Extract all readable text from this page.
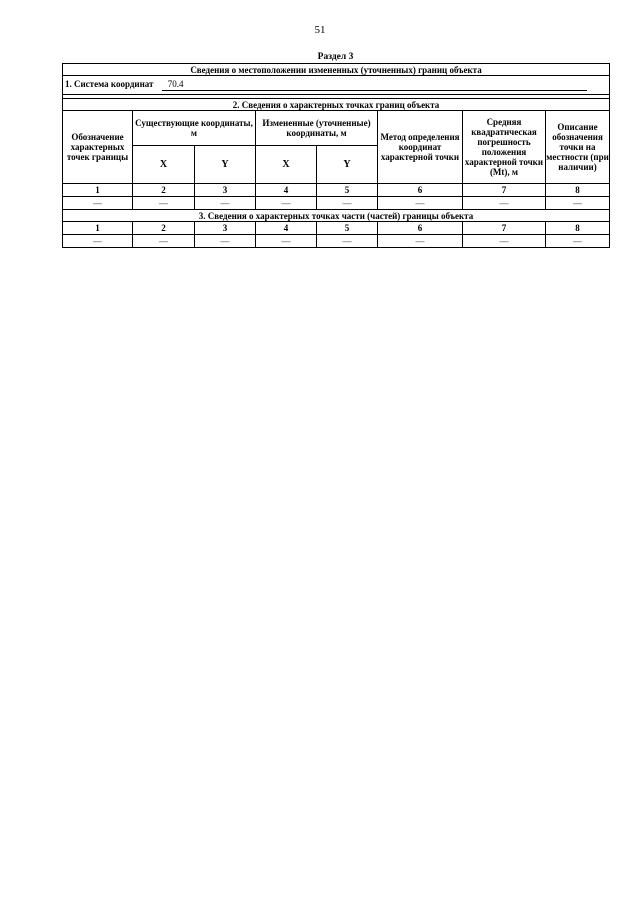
51
Раздел 3
Сведения о местоположении измененных (уточненных) границ объекта							
1. Система координат 70.4							

2. Сведения о характерных точках границ объекта							
Обозначение характерных точек границы	Существующие координаты, м		Измененные (уточненные) координаты, м		Метод определения координат характерной точки	Средняя квадратическая погрешность положения характерной точки (Mt), м	Описание обозначения точки на местности (при наличии)
	X	Y	X	Y			
1	2	3	4	5	6	7	8
—	—	—	—	—	—	—	—
3. Сведения о характерных точках части (частей) границы объекта							
1	2	3	4	5	6	7	8
—	—	—	—	—	—	—	—
